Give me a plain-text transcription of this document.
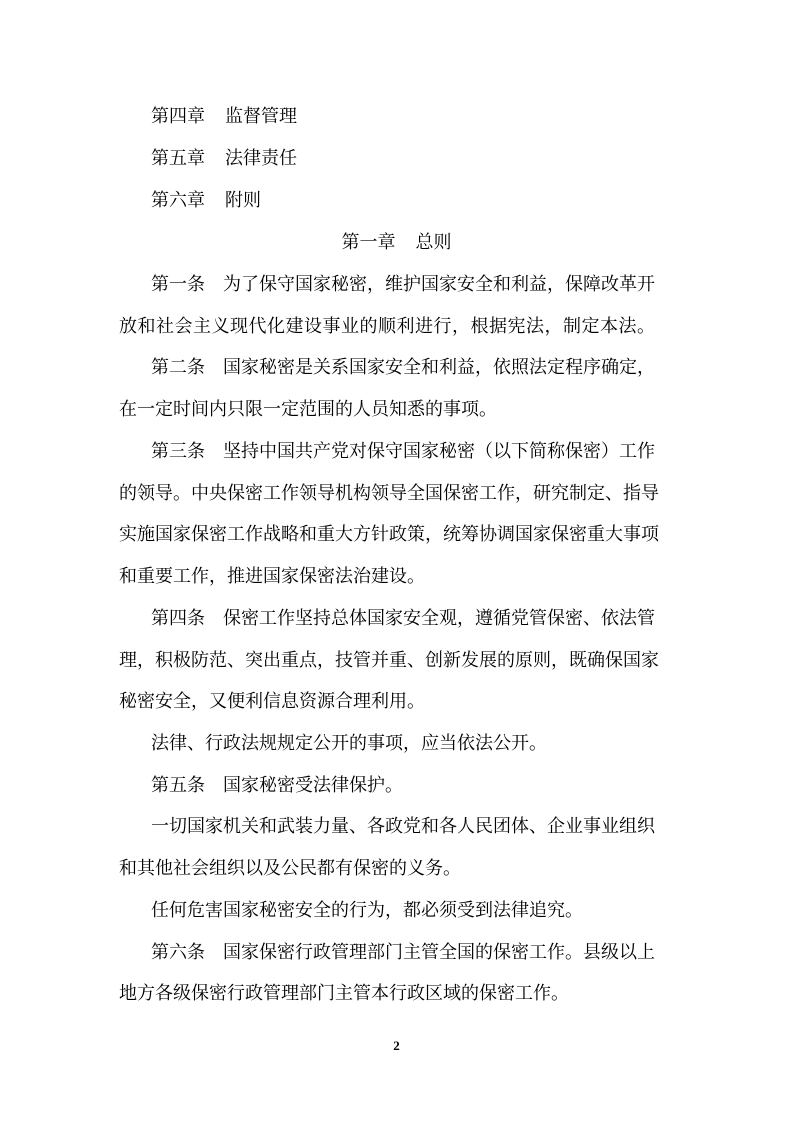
第四章 监督管理
第五章 法律责任
第六章 附则
第一章 总则
第一条　为了保守国家秘密，维护国家安全和利益，保障改革开
放和社会主义现代化建设事业的顺利进行，根据宪法，制定本法。
第二条　国家秘密是关系国家安全和利益，依照法定程序确定，
在一定时间内只限一定范围的人员知悉的事项。
第三条　坚持中国共产党对保守国家秘密（以下简称保密）工作
的领导。中央保密工作领导机构领导全国保密工作，研究制定、指导
实施国家保密工作战略和重大方针政策，统筹协调国家保密重大事项
和重要工作，推进国家保密法治建设。
第四条　保密工作坚持总体国家安全观，遵循党管保密、依法管
理，积极防范、突出重点，技管并重、创新发展的原则，既确保国家
秘密安全，又便利信息资源合理利用。
法律、行政法规规定公开的事项，应当依法公开。
第五条　国家秘密受法律保护。
一切国家机关和武装力量、各政党和各人民团体、企业事业组织
和其他社会组织以及公民都有保密的义务。
任何危害国家秘密安全的行为，都必须受到法律追究。
第六条　国家保密行政管理部门主管全国的保密工作。县级以上
地方各级保密行政管理部门主管本行政区域的保密工作。
2
